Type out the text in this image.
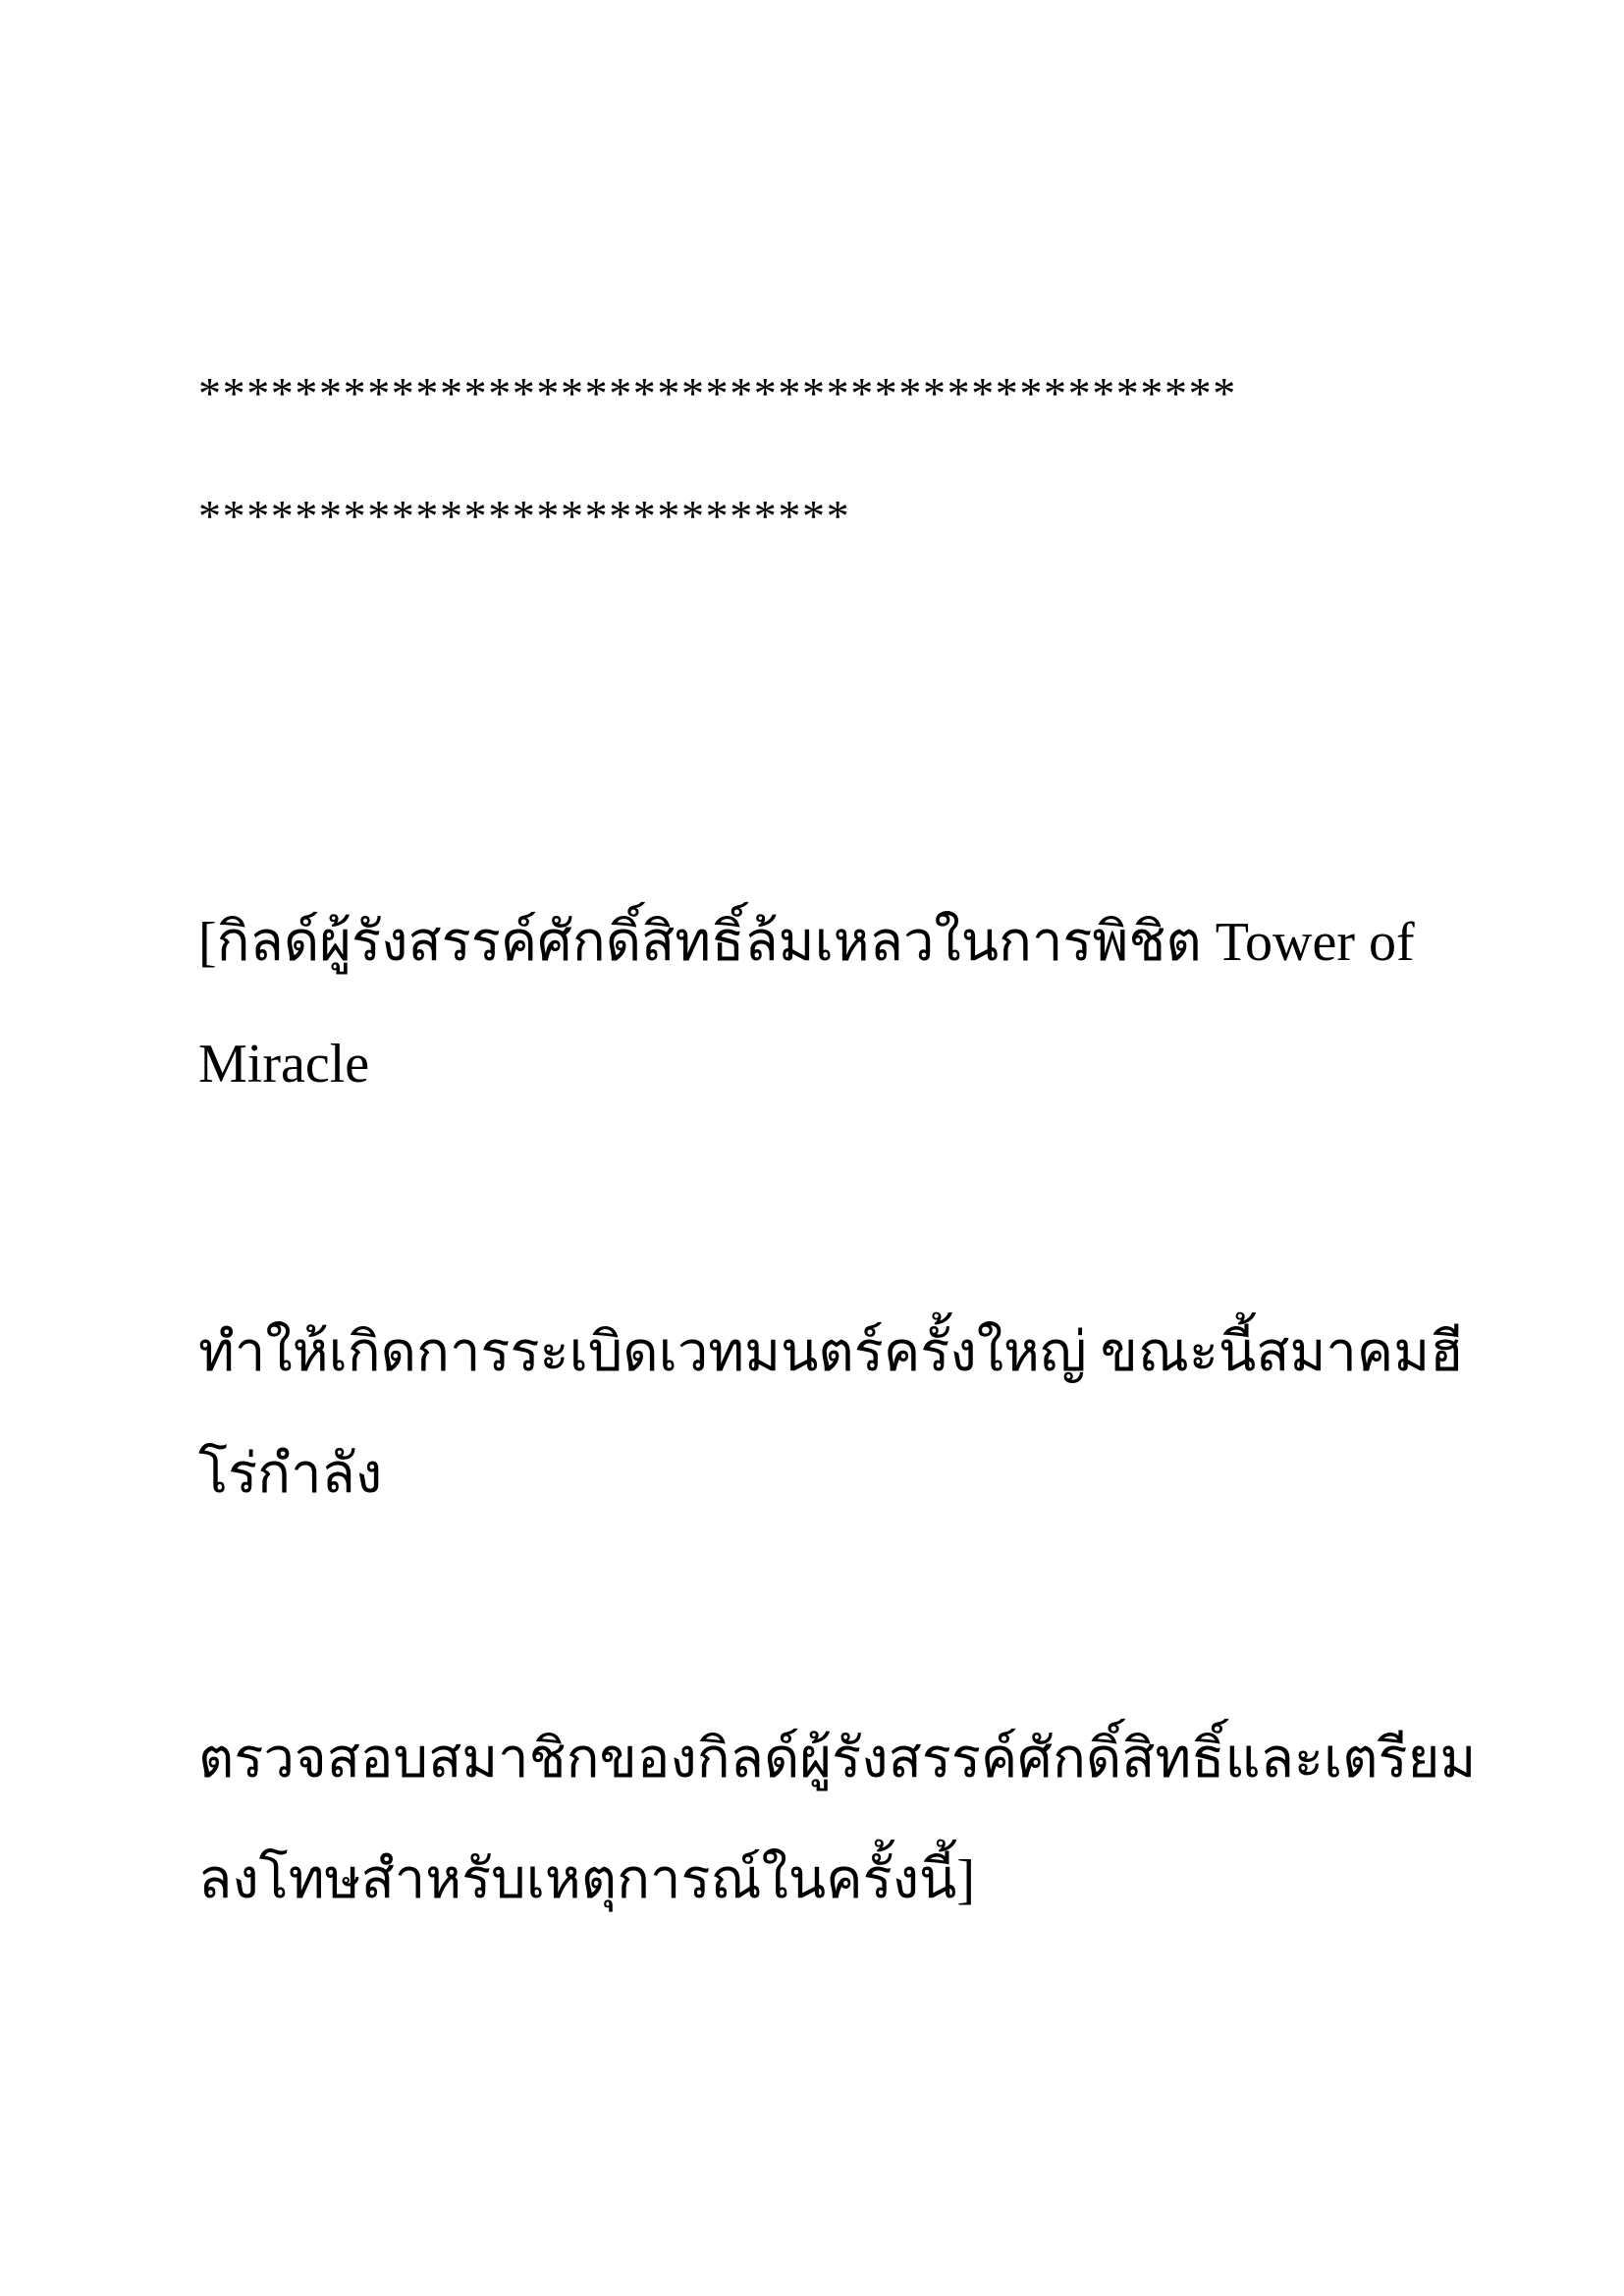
*******************************************

***************************

[กิลด์ผู้รังสรรค์ศักดิ์สิทธิ์ล้มเหลวในการพิชิต Tower of

Miracle

ทำให้เกิดการระเบิดเวทมนตร์ครั้งใหญ่ ขณะนี้สมาคมฮี

โร่กำลัง

ตรวจสอบสมาชิกของกิลด์ผู้รังสรรค์ศักดิ์สิทธิ์และเตรียม

ลงโทษสำหรับเหตุการณ์ในครั้งนี้]
